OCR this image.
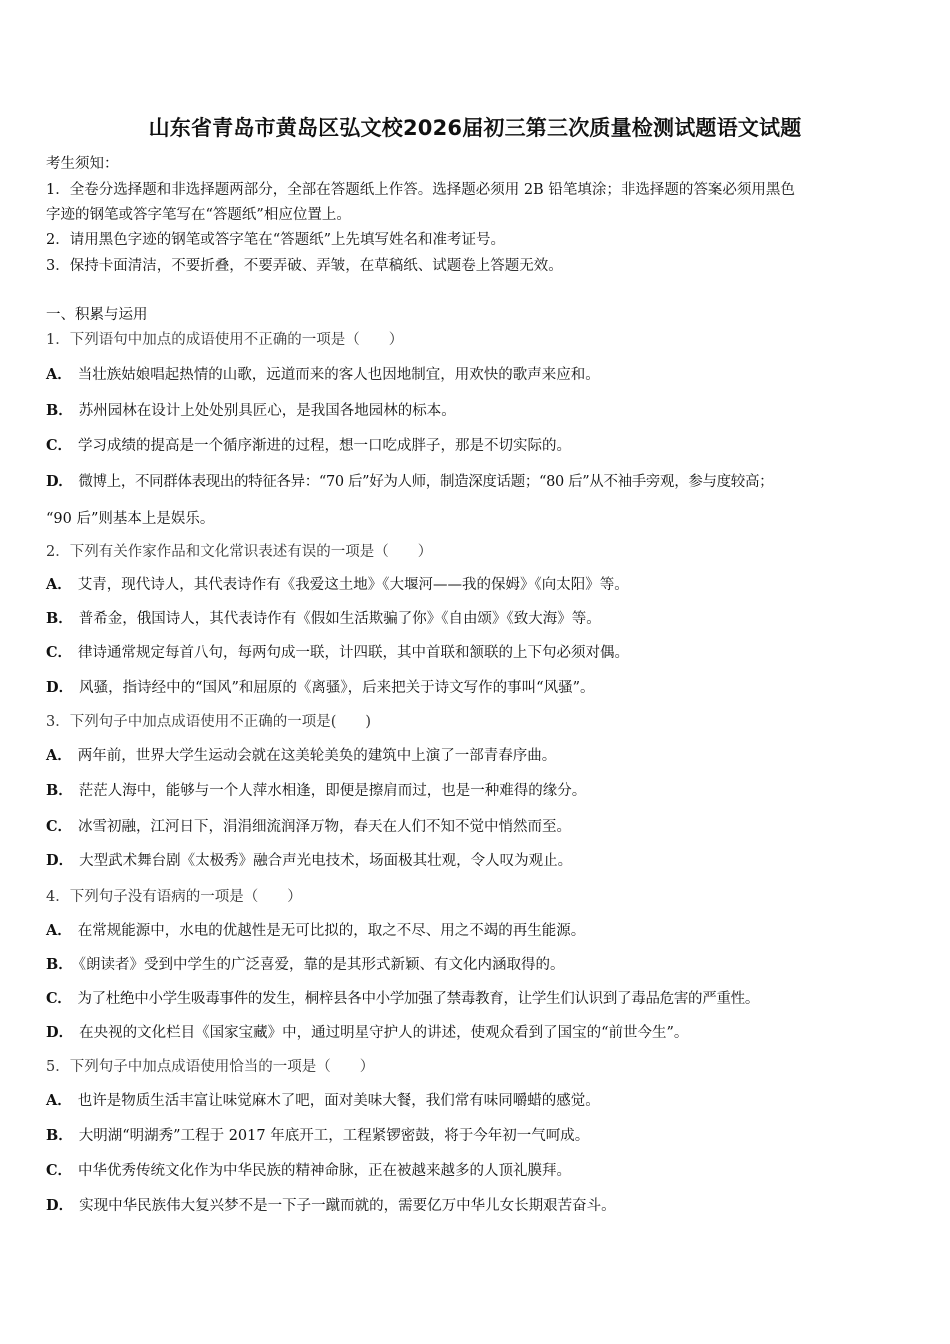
山东省青岛市黄岛区弘文校2026届初三第三次质量检测试题语文试题
考生须知：
1．全卷分选择题和非选择题两部分，全部在答题纸上作答。选择题必须用 2B 铅笔填涂；非选择题的答案必须用黑色
字迹的钢笔或答字笔写在“答题纸”相应位置上。
2．请用黑色字迹的钢笔或答字笔在“答题纸”上先填写姓名和准考证号。
3．保持卡面清洁，不要折叠，不要弄破、弄皱，在草稿纸、试题卷上答题无效。
一、积累与运用
1．下列语句中加点的成语使用不正确的一项是（　　）
A． 当壮族姑娘唱起热情的山歌，远道而来的客人也因地制宜，用欢快的歌声来应和。
B． 苏州园林在设计上处处别具匠心，是我国各地园林的标本。
C． 学习成绩的提高是一个循序渐进的过程，想一口吃成胖子，那是不切实际的。
D． 微博上，不同群体表现出的特征各异：“70 后”好为人师，制造深度话题；“80 后”从不袖手旁观，参与度较高；
“90 后”则基本上是娱乐。
2．下列有关作家作品和文化常识表述有误的一项是（　　）
A． 艾青，现代诗人，其代表诗作有《我爱这土地》《大堰河——我的保姆》《向太阳》等。
B． 普希金，俄国诗人，其代表诗作有《假如生活欺骗了你》《自由颂》《致大海》等。
C． 律诗通常规定每首八句，每两句成一联，计四联，其中首联和颔联的上下句必须对偶。
D． 风骚，指诗经中的“国风”和屈原的《离骚》，后来把关于诗文写作的事叫“风骚”。
3．下列句子中加点成语使用不正确的一项是(　　)
A． 两年前，世界大学生运动会就在这美轮美奂的建筑中上演了一部青春序曲。
B． 茫茫人海中，能够与一个人萍水相逢，即便是擦肩而过，也是一种难得的缘分。
C． 冰雪初融，江河日下，涓涓细流润泽万物，春天在人们不知不觉中悄然而至。
D． 大型武术舞台剧《太极秀》融合声光电技术，场面极其壮观，令人叹为观止。
4．下列句子没有语病的一项是（　　）
A． 在常规能源中，水电的优越性是无可比拟的，取之不尽、用之不竭的再生能源。
B． 《朗读者》受到中学生的广泛喜爱，靠的是其形式新颖、有文化内涵取得的。
C． 为了杜绝中小学生吸毒事件的发生，桐梓县各中小学加强了禁毒教育，让学生们认识到了毒品危害的严重性。
D． 在央视的文化栏目《国家宝藏》中，通过明星守护人的讲述，使观众看到了国宝的“前世今生”。
5．下列句子中加点成语使用恰当的一项是（　　）
A． 也许是物质生活丰富让味觉麻木了吧，面对美味大餐，我们常有味同嚼蜡的感觉。
B． 大明湖“明湖秀”工程于 2017 年底开工，工程紧锣密鼓，将于今年初一气呵成。
C． 中华优秀传统文化作为中华民族的精神命脉，正在被越来越多的人顶礼膜拜。
D． 实现中华民族伟大复兴梦不是一下子一蹴而就的，需要亿万中华儿女长期艰苦奋斗。
